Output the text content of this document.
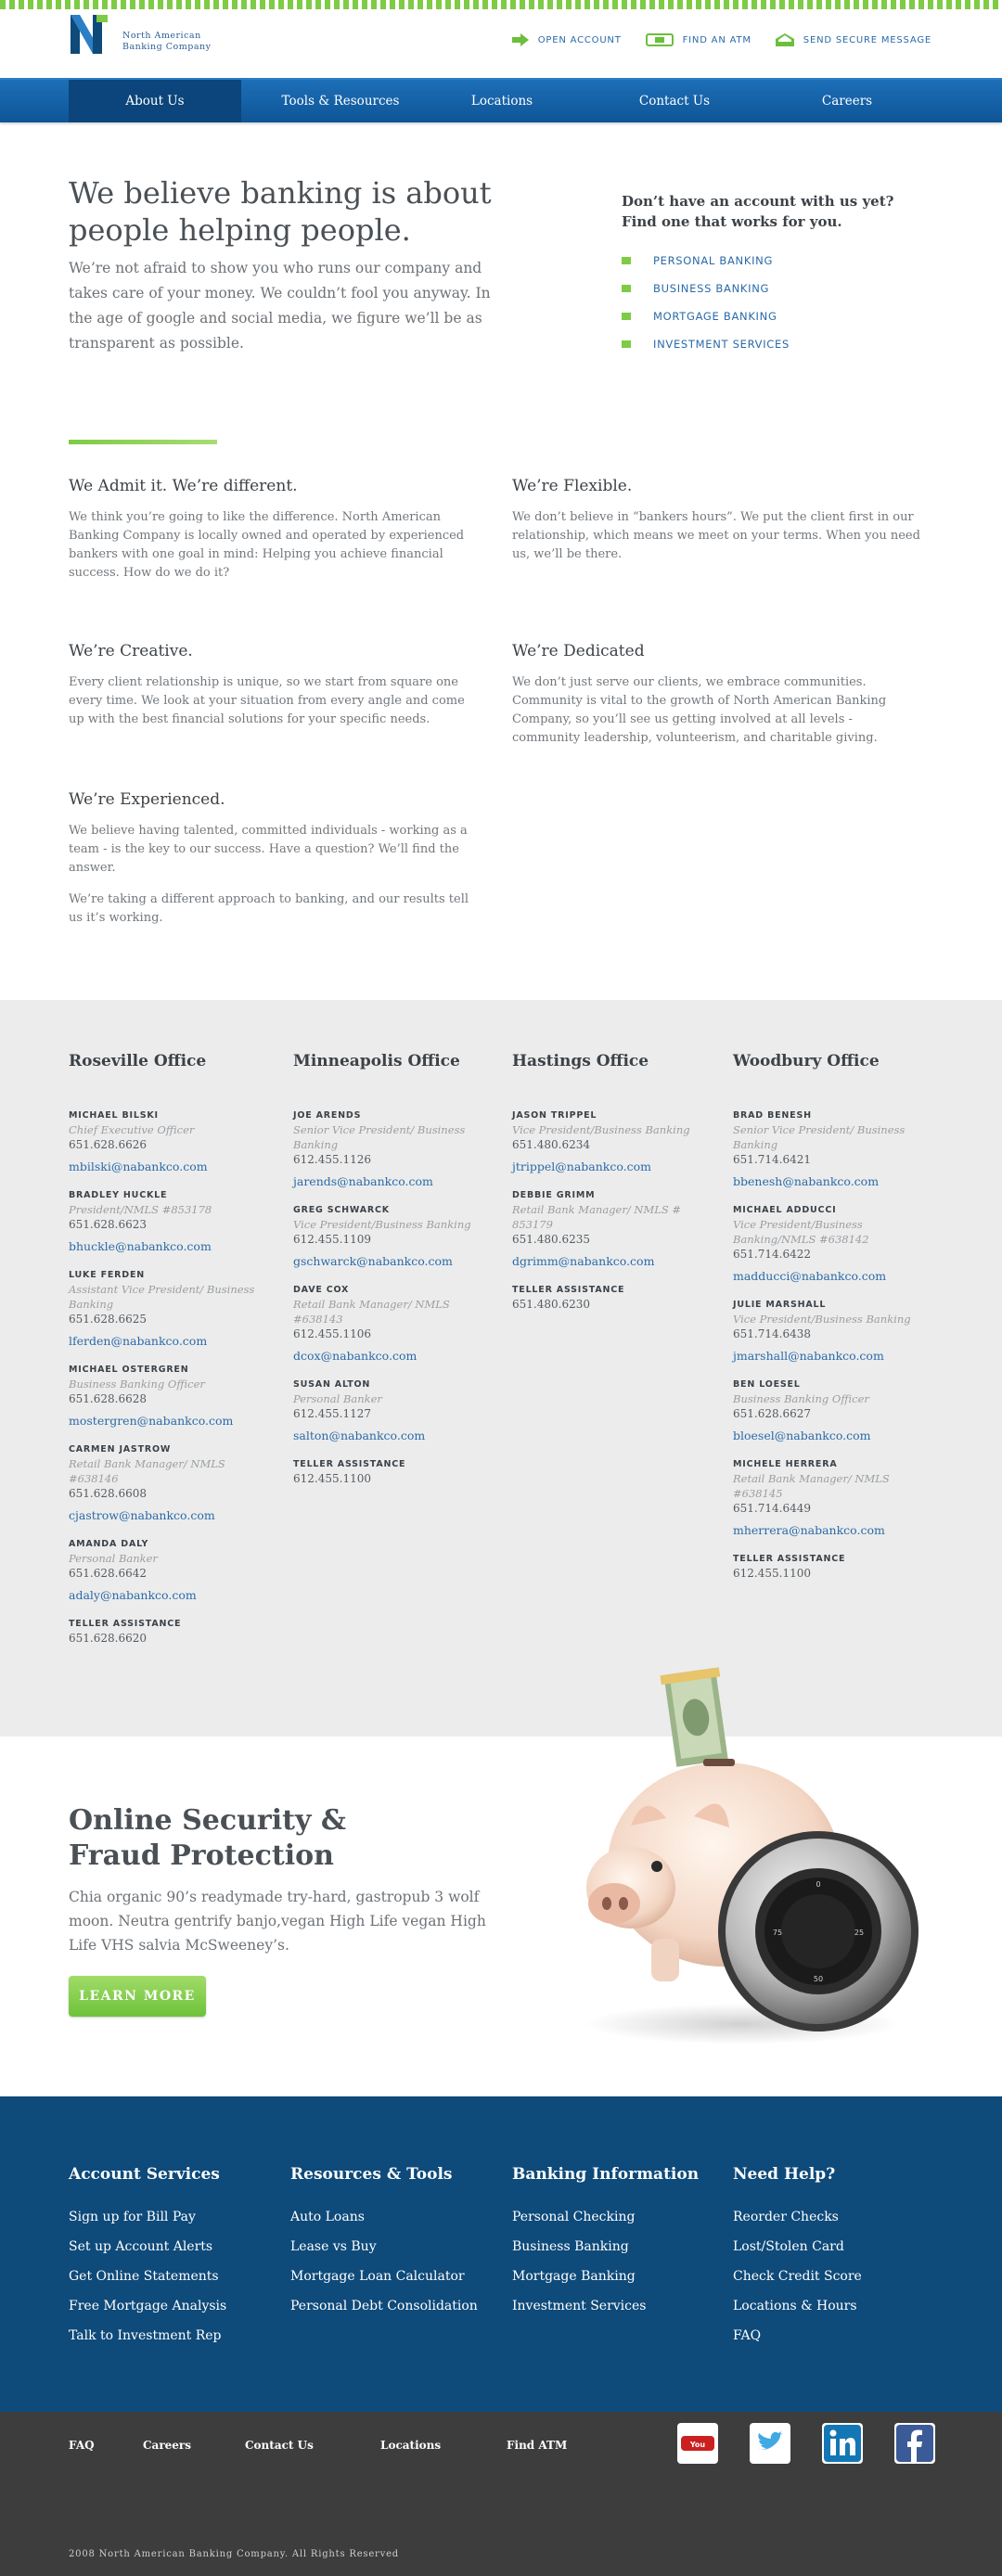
North American
Banking Company
OPEN ACCOUNT	FIND AN ATM	SEND SECURE MESSAGE
About Us	Tools & Resources	Locations	Contact Us	Careers
We believe banking is about people helping people.

We’re not afraid to show you who runs our company and takes care of your money. We couldn’t fool you anyway. In the age of google and social media, we figure we’ll be as transparent as possible.

Don’t have an account with us yet? Find one that works for you.
PERSONAL BANKING
BUSINESS BANKING
MORTGAGE BANKING
INVESTMENT SERVICES
We Admit it. We’re different.

We think you’re going to like the difference. North American Banking Company is locally owned and operated by experienced bankers with one goal in mind: Helping you achieve financial success. How do we do it?

We’re Flexible.

We don’t believe in “bankers hours”. We put the client first in our relationship, which means we meet on your terms. When you need us, we’ll be there.

We’re Creative.

Every client relationship is unique, so we start from square one every time. We look at your situation from every angle and come up with the best financial solutions for your specific needs.

We’re Dedicated

We don’t just serve our clients, we embrace communities. Community is vital to the growth of North American Banking Company, so you’ll see us getting involved at all levels - community leadership, volunteerism, and charitable giving.

We’re Experienced.

We believe having talented, committed individuals - working as a team - is the key to our success. Have a question? We’ll find the answer.

We’re taking a different approach to banking, and our results tell us it’s working.

Roseville Office
MICHAEL BILSKI
Chief Executive Officer
651.628.6626
mbilski@nabankco.com
BRADLEY HUCKLE
President/NMLS #853178
651.628.6623
bhuckle@nabankco.com
LUKE FERDEN
Assistant Vice President/ Business Banking
651.628.6625
lferden@nabankco.com
MICHAEL OSTERGREN
Business Banking Officer
651.628.6628
mostergren@nabankco.com
CARMEN JASTROW
Retail Bank Manager/ NMLS #638146
651.628.6608
cjastrow@nabankco.com
AMANDA DALY
Personal Banker
651.628.6642
adaly@nabankco.com
TELLER ASSISTANCE
651.628.6620
Minneapolis Office
JOE ARENDS
Senior Vice President/ Business Banking
612.455.1126
jarends@nabankco.com
GREG SCHWARCK
Vice President/Business Banking
612.455.1109
gschwarck@nabankco.com
DAVE COX
Retail Bank Manager/ NMLS #638143
612.455.1106
dcox@nabankco.com
SUSAN ALTON
Personal Banker
612.455.1127
salton@nabankco.com
TELLER ASSISTANCE
612.455.1100
Hastings Office
JASON TRIPPEL
Vice President/Business Banking
651.480.6234
jtrippel@nabankco.com
DEBBIE GRIMM
Retail Bank Manager/ NMLS # 853179
651.480.6235
dgrimm@nabankco.com
TELLER ASSISTANCE
651.480.6230
Woodbury Office
BRAD BENESH
Senior Vice President/ Business Banking
651.714.6421
bbenesh@nabankco.com
MICHAEL ADDUCCI
Vice President/Business Banking/NMLS #638142
651.714.6422
madducci@nabankco.com
JULIE MARSHALL
Vice President/Business Banking
651.714.6438
jmarshall@nabankco.com
BEN LOESEL
Business Banking Officer
651.628.6627
bloesel@nabankco.com
MICHELE HERRERA
Retail Bank Manager/ NMLS #638145
651.714.6449
mherrera@nabankco.com
TELLER ASSISTANCE
612.455.1100
Online Security & Fraud Protection

Chia organic 90’s readymade try-hard, gastropub 3 wolf moon. Neutra gentrify banjo,vegan High Life vegan High Life VHS salvia McSweeney’s.

LEARN MORE
0
25
50
75
Account Services
Sign up for Bill Pay
Set up Account Alerts
Get Online Statements
Free Mortgage Analysis
Talk to Investment Rep
Resources & Tools
Auto Loans
Lease vs Buy
Mortgage Loan Calculator
Personal Debt Consolidation
Banking Information
Personal Checking
Business Banking
Mortgage Banking
Investment Services
Need Help?
Reorder Checks
Lost/Stolen Card
Check Credit Score
Locations & Hours
FAQ
FAQ	Careers	Contact Us	Locations	Find ATM	You
2008 North American Banking Company. All Rights Reserved
